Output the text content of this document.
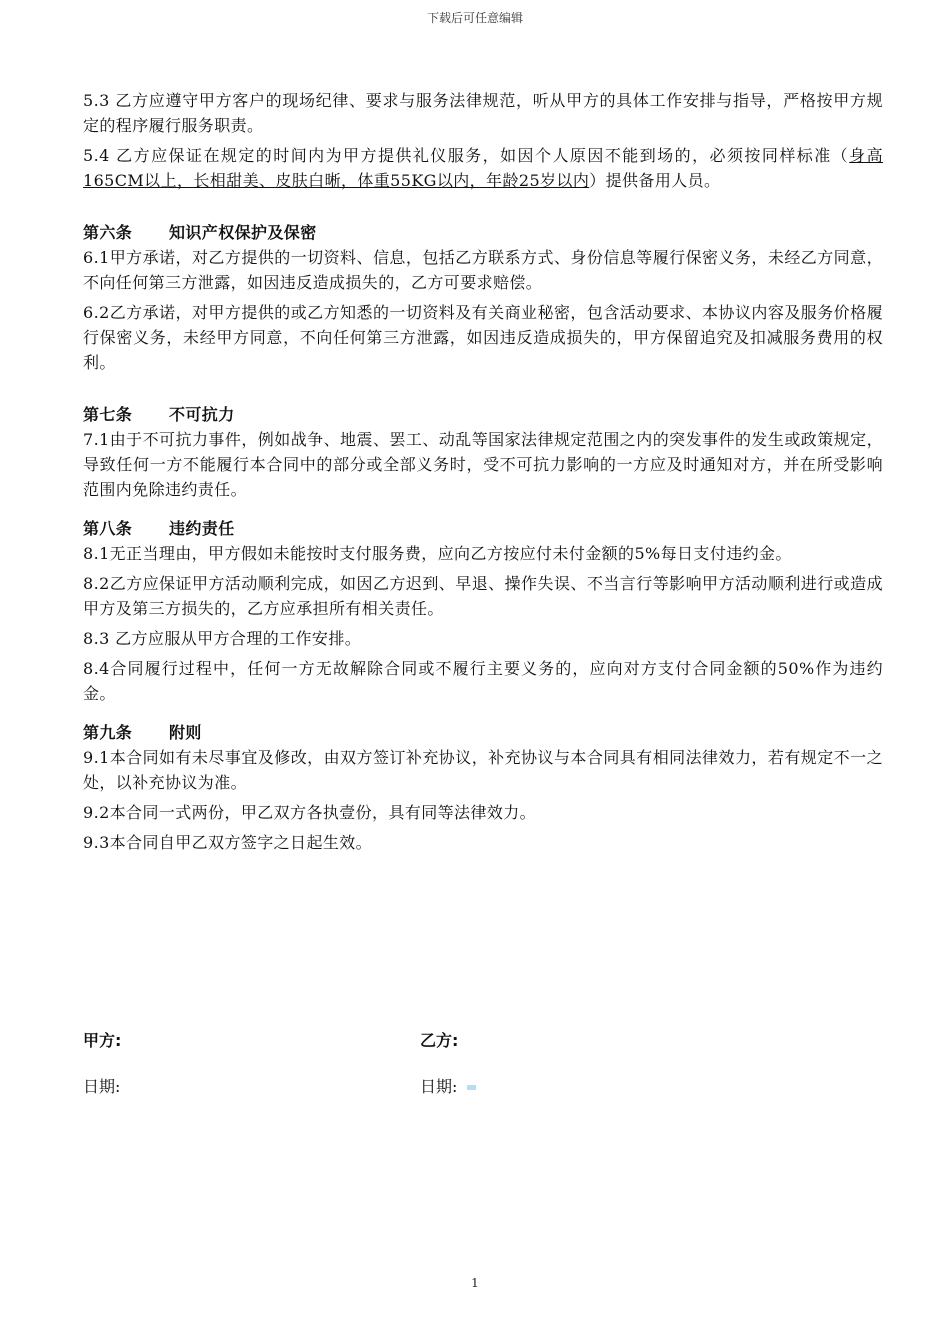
下载后可任意编辑

5.3 乙方应遵守甲方客户的现场纪律、要求与服务法律规范，听从甲方的具体工作安排与指导，严格按甲方规定的程序履行服务职责。

5.4 乙方应保证在规定的时间内为甲方提供礼仪服务，如因个人原因不能到场的，必须按同样标准（身高165CM以上，长相甜美、皮肤白晰，体重55KG以内，年龄25岁以内）提供备用人员。

第六条 知识产权保护及保密

6.1甲方承诺，对乙方提供的一切资料、信息，包括乙方联系方式、身份信息等履行保密义务，未经乙方同意，不向任何第三方泄露，如因违反造成损失的，乙方可要求赔偿。

6.2乙方承诺，对甲方提供的或乙方知悉的一切资料及有关商业秘密，包含活动要求、本协议内容及服务价格履行保密义务，未经甲方同意，不向任何第三方泄露，如因违反造成损失的，甲方保留追究及扣减服务费用的权利。

第七条 不可抗力

7.1由于不可抗力事件，例如战争、地震、罢工、动乱等国家法律规定范围之内的突发事件的发生或政策规定，导致任何一方不能履行本合同中的部分或全部义务时，受不可抗力影响的一方应及时通知对方，并在所受影响范围内免除违约责任。

第八条 违约责任

8.1无正当理由，甲方假如未能按时支付服务费，应向乙方按应付未付金额的5%每日支付违约金。

8.2乙方应保证甲方活动顺利完成，如因乙方迟到、早退、操作失误、不当言行等影响甲方活动顺利进行或造成甲方及第三方损失的，乙方应承担所有相关责任。

8.3 乙方应服从甲方合理的工作安排。

8.4合同履行过程中，任何一方无故解除合同或不履行主要义务的，应向对方支付合同金额的50%作为违约金。

第九条 附则

9.1本合同如有未尽事宜及修改，由双方签订补充协议，补充协议与本合同具有相同法律效力，若有规定不一之处，以补充协议为准。

9.2本合同一式两份，甲乙双方各执壹份，具有同等法律效力。

9.3本合同自甲乙双方签字之日起生效。

甲方:	乙方:
日期:	日期:
1
